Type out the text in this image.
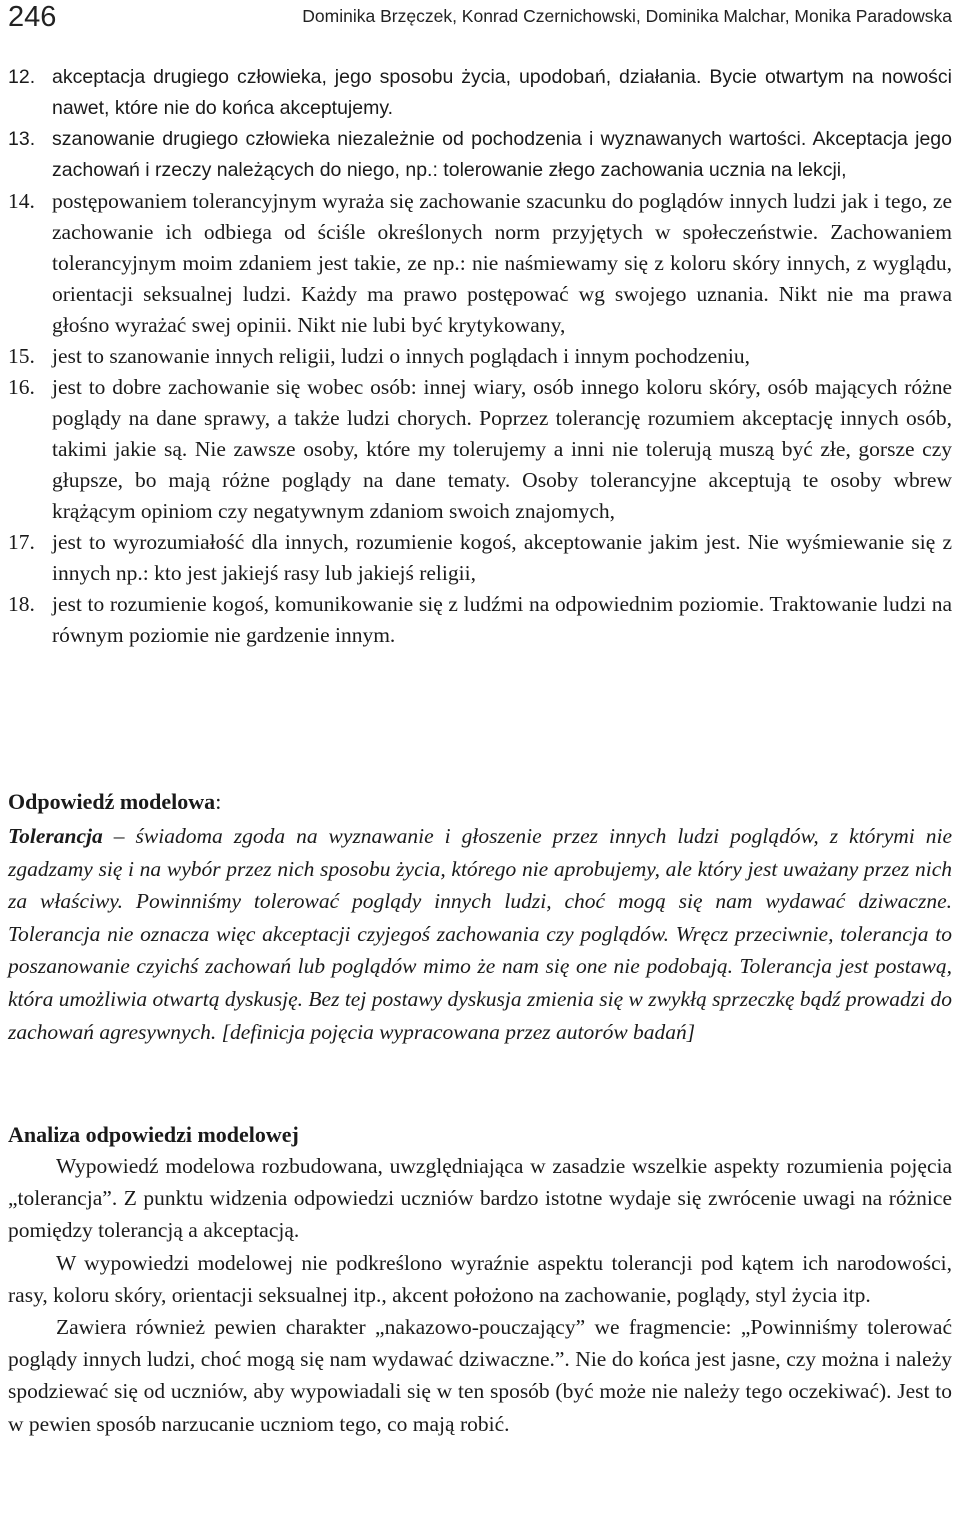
246	Dominika Brzęczek, Konrad Czernichowski, Dominika Malchar, Monika Paradowska
12. akceptacja drugiego człowieka, jego sposobu życia, upodobań, działania. Bycie otwartym na nowości nawet, które nie do końca akceptujemy.
13. szanowanie drugiego człowieka niezależnie od pochodzenia i wyznawanych wartości. Akceptacja jego zachowań i rzeczy należących do niego, np.: tolerowanie złego zachowania ucznia na lekcji,
14. postępowaniem tolerancyjnym wyraża się zachowanie szacunku do poglądów innych ludzi jak i tego, ze zachowanie ich odbiega od ściśle określonych norm przyjętych w społeczeństwie. Zachowaniem tolerancyjnym moim zdaniem jest takie, ze np.: nie naśmiewamy się z koloru skóry innych, z wyglądu, orientacji seksualnej ludzi. Każdy ma prawo postępować wg swojego uznania. Nikt nie ma prawa głośno wyrażać swej opinii. Nikt nie lubi być krytykowany,
15. jest to szanowanie innych religii, ludzi o innych poglądach i innym pochodzeniu,
16. jest to dobre zachowanie się wobec osób: innej wiary, osób innego koloru skóry, osób mających różne poglądy na dane sprawy, a także ludzi chorych. Poprzez tolerancję rozumiem akceptację innych osób, takimi jakie są. Nie zawsze osoby, które my tolerujemy a inni nie tolerują muszą być złe, gorsze czy głupsze, bo mają różne poglądy na dane tematy. Osoby tolerancyjne akceptują te osoby wbrew krążącym opiniom czy negatywnym zdaniom swoich znajomych,
17. jest to wyrozumiałość dla innych, rozumienie kogoś, akceptowanie jakim jest. Nie wyśmiewanie się z innych np.: kto jest jakiejś rasy lub jakiejś religii,
18. jest to rozumienie kogoś, komunikowanie się z ludźmi na odpowiednim poziomie. Traktowanie ludzi na równym poziomie nie gardzenie innym.
Odpowiedź modelowa:
Tolerancja – świadoma zgoda na wyznawanie i głoszenie przez innych ludzi poglądów, z którymi nie zgadzamy się i na wybór przez nich sposobu życia, którego nie aprobujemy, ale który jest uważany przez nich za właściwy. Powinniśmy tolerować poglądy innych ludzi, choć mogą się nam wydawać dziwaczne. Tolerancja nie oznacza więc akceptacji czyjegoś zachowania czy poglądów. Wręcz przeciwnie, tolerancja to poszanowanie czyichś zachowań lub poglądów mimo że nam się one nie podobają. Tolerancja jest postawą, która umożliwia otwartą dyskusję. Bez tej postawy dyskusja zmienia się w zwykłą sprzeczkę bądź prowadzi do zachowań agresywnych. [definicja pojęcia wypracowana przez autorów badań]
Analiza odpowiedzi modelowej

Wypowiedź modelowa rozbudowana, uwzględniająca w zasadzie wszelkie aspekty rozumienia pojęcia „tolerancja”. Z punktu widzenia odpowiedzi uczniów bardzo istotne wydaje się zwrócenie uwagi na różnice pomiędzy tolerancją a akceptacją.

W wypowiedzi modelowej nie podkreślono wyraźnie aspektu tolerancji pod kątem ich narodowości, rasy, koloru skóry, orientacji seksualnej itp., akcent położono na zachowanie, poglądy, styl życia itp.

Zawiera również pewien charakter „nakazowo-pouczający” we fragmencie: „Powinniśmy tolerować poglądy innych ludzi, choć mogą się nam wydawać dziwaczne.”. Nie do końca jest jasne, czy można i należy spodziewać się od uczniów, aby wypowiadali się w ten sposób (być może nie należy tego oczekiwać). Jest to w pewien sposób narzucanie uczniom tego, co mają robić.
